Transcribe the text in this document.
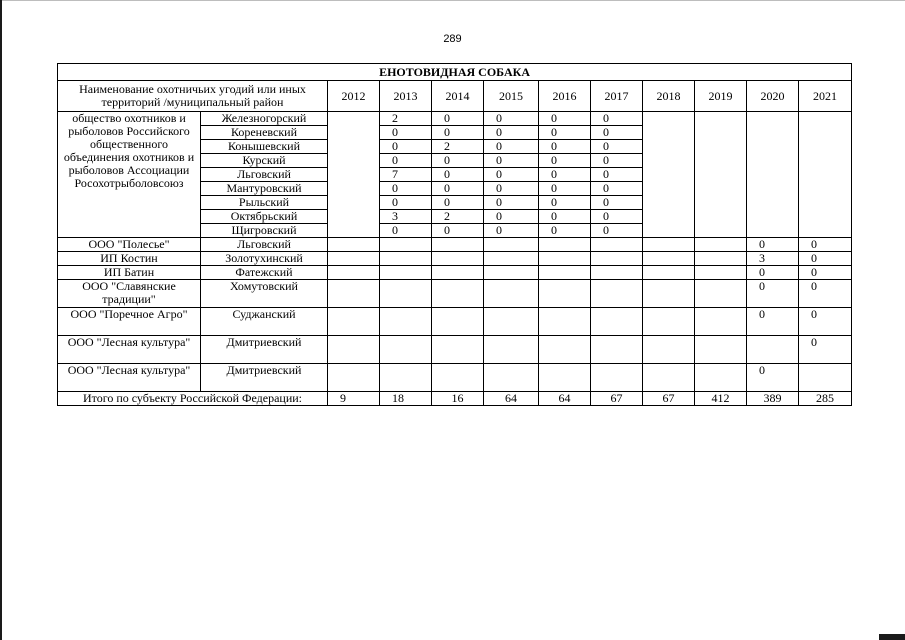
289
ЕНОТОВИДНАЯ СОБАКА											
Наименование охотничьих угодий или иных территорий /муниципальный район		2012	2013	2014	2015	2016	2017	2018	2019	2020	2021
общество охотников и рыболовов Российского общественного объединения охотников и рыболовов Ассоциации Росохотрыболовсоюз	Железногорский		2	0	0	0	0				
	Кореневский		0	0	0	0	0				
	Конышевский		0	2	0	0	0				
	Курский		0	0	0	0	0				
	Льговский		7	0	0	0	0				
	Мантуровский		0	0	0	0	0				
	Рыльский		0	0	0	0	0				
	Октябрьский		3	2	0	0	0				
	Щигровский		0	0	0	0	0				
ООО "Полесье"	Льговский									0	0
ИП Костин	Золотухинский									3	0
ИП Батин	Фатежский									0	0
ООО "Славянские традиции"	Хомутовский									0	0
ООО "Поречное Агро"	Суджанский									0	0
ООО "Лесная культура"	Дмитриевский										0
ООО "Лесная культура"	Дмитриевский									0	
Итого по субъекту Российской Федерации:		9	18	16	64	64	67	67	412	389	285
